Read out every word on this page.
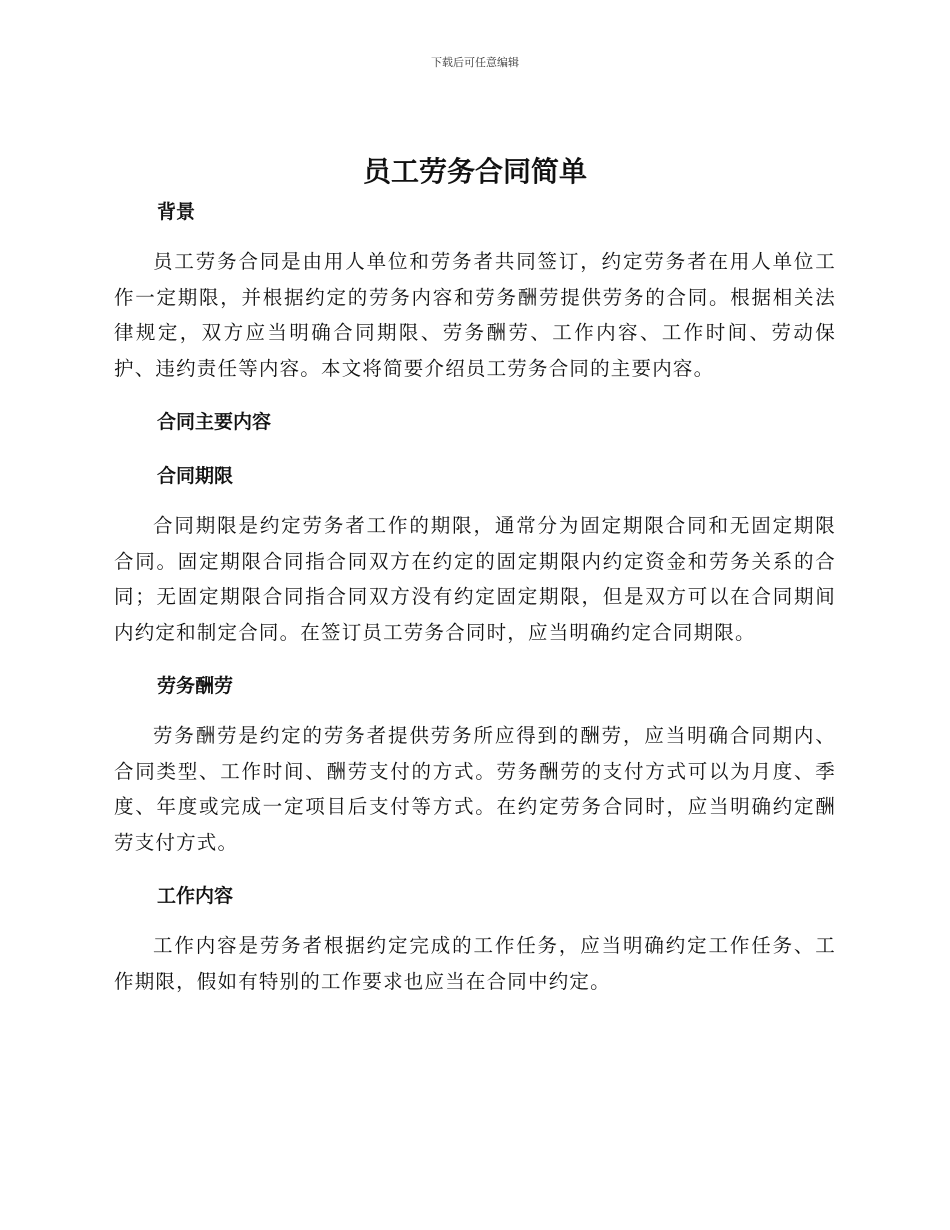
下载后可任意编辑
员工劳务合同简单
背景

员工劳务合同是由用人单位和劳务者共同签订，约定劳务者在用人单位工作一定期限，并根据约定的劳务内容和劳务酬劳提供劳务的合同。根据相关法律规定，双方应当明确合同期限、劳务酬劳、工作内容、工作时间、劳动保护、违约责任等内容。本文将简要介绍员工劳务合同的主要内容。

合同主要内容
合同期限

合同期限是约定劳务者工作的期限，通常分为固定期限合同和无固定期限合同。固定期限合同指合同双方在约定的固定期限内约定资金和劳务关系的合同；无固定期限合同指合同双方没有约定固定期限，但是双方可以在合同期间内约定和制定合同。在签订员工劳务合同时，应当明确约定合同期限。

劳务酬劳

劳务酬劳是约定的劳务者提供劳务所应得到的酬劳，应当明确合同期内、合同类型、工作时间、酬劳支付的方式。劳务酬劳的支付方式可以为月度、季度、年度或完成一定项目后支付等方式。在约定劳务合同时，应当明确约定酬劳支付方式。

工作内容

工作内容是劳务者根据约定完成的工作任务，应当明确约定工作任务、工作期限，假如有特别的工作要求也应当在合同中约定。
